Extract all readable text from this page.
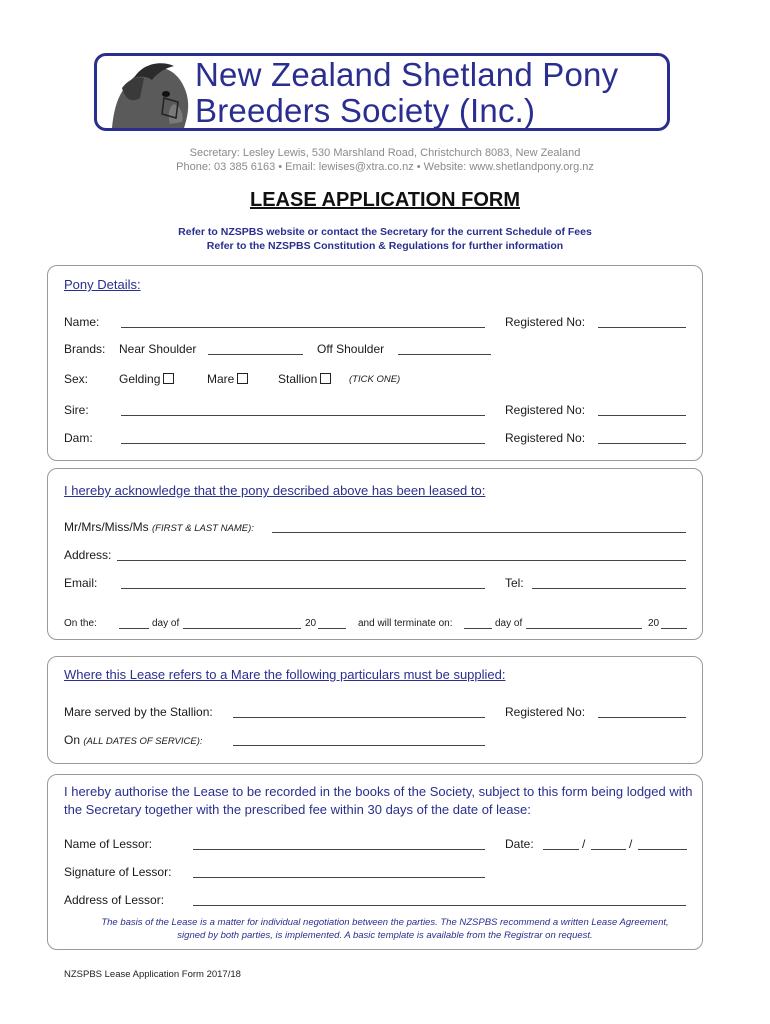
New Zealand Shetland Pony
Breeders Society (Inc.)
Secretary: Lesley Lewis, 530 Marshland Road, Christchurch 8083, New Zealand
Phone: 03 385 6163 • Email: lewises@xtra.co.nz • Website: www.shetlandpony.org.nz
LEASE APPLICATION FORM
Refer to NZSPBS website or contact the Secretary for the current Schedule of Fees
Refer to the NZSPBS Constitution & Regulations for further information
Pony Details:
Name:	Registered No:
Brands: Near Shoulder	Off Shoulder
Sex:	Gelding	Mare	Stallion	(TICK ONE)
Sire:	Registered No:
Dam:	Registered No:
I hereby acknowledge that the pony described above has been leased to:
Mr/Mrs/Miss/Ms (FIRST & LAST NAME):
Address:
Email:	Tel:
On the:	day of	20	and will terminate on:	day of	20
Where this Lease refers to a Mare the following particulars must be supplied:
Mare served by the Stallion:	Registered No:
On (ALL DATES OF SERVICE):
I hereby authorise the Lease to be recorded in the books of the Society, subject to this form being lodged with the Secretary together with the prescribed fee within 30 days of the date of lease:
Name of Lessor:	Date:	/	/
Signature of Lessor:
Address of Lessor:
The basis of the Lease is a matter for individual negotiation between the parties. The NZSPBS recommend a written Lease Agreement, signed by both parties, is implemented. A basic template is available from the Registrar on request.
NZSPBS Lease Application Form 2017/18
